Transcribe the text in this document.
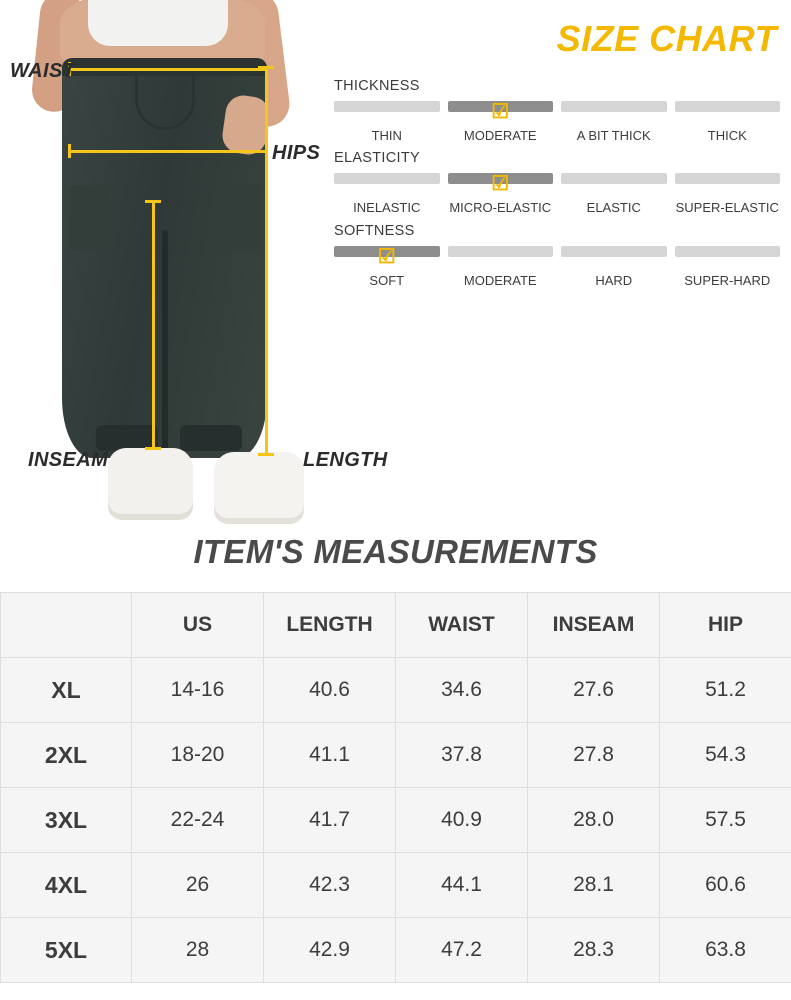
WAIST
HIPS
INSEAM	LENGTH
SIZE CHART
THICKNESS
THIN
☑
MODERATE	A BIT THICK	THICK
ELASTICITY
INELASTIC
☑
MICRO-ELASTIC	ELASTIC	SUPER-ELASTIC
SOFTNESS
☑
SOFT	MODERATE	HARD	SUPER-HARD
ITEM'S MEASUREMENTS
	US	LENGTH	WAIST	INSEAM	HIP
XL	14-16	40.6	34.6	27.6	51.2
2XL	18-20	41.1	37.8	27.8	54.3
3XL	22-24	41.7	40.9	28.0	57.5
4XL	26	42.3	44.1	28.1	60.6
5XL	28	42.9	47.2	28.3	63.8
